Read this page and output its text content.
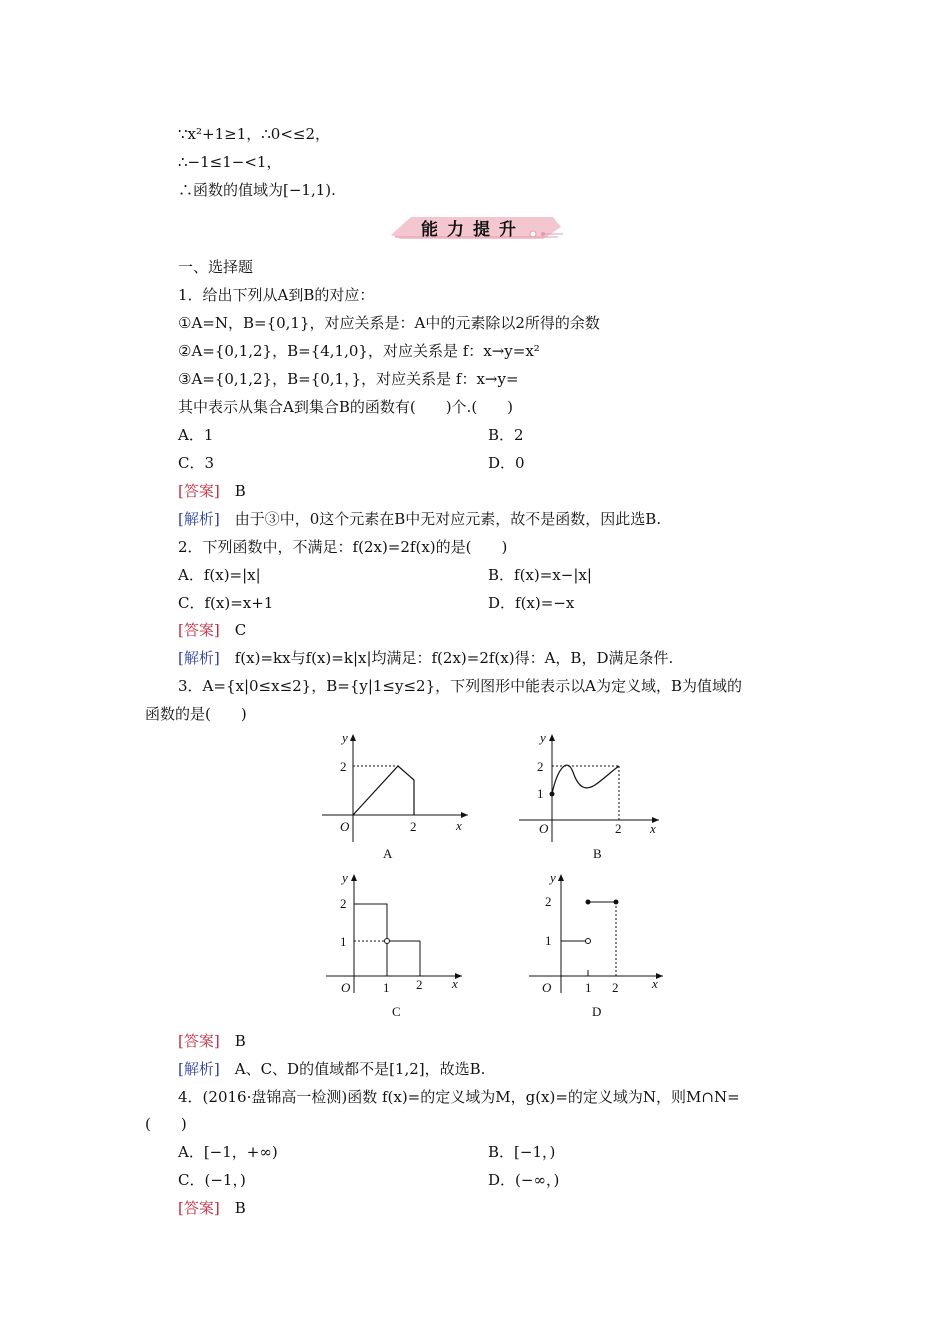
∵x²+1≥1，∴0<≤2，
∴−1≤1−<1，
∴函数的值域为[−1,1).
能力提升
一、选择题
1．给出下列从A到B的对应：
①A=N，B={0,1}，对应关系是：A中的元素除以2所得的余数
②A={0,1,2}，B={4,1,0}，对应关系是 f：x→y=x²
③A={0,1,2}，B={0,1，}，对应关系是 f：x→y=
其中表示从集合A到集合B的函数有(　　)个.(　　)
A．1	B．2
C．3	D．0
[答案]　 B
[解析]　 由于③中，0这个元素在B中无对应元素，故不是函数，因此选B.
2．下列函数中，不满足：f(2x)=2f(x)的是(　　)
A．f(x)=|x|	B．f(x)=x−|x|
C．f(x)=x+1	D．f(x)=−x
[答案]　 C
[解析]　 f(x)=kx与f(x)=k|x|均满足：f(2x)=2f(x)得：A，B，D满足条件.
3．A={x|0≤x≤2}，B={y|1≤y≤2}，下列图形中能表示以A为定义域，B为值域的
函数的是(　　)
y
2
O	2	x
A
y
2
1
O	2 x
B
y
2
1
O	1 2 x
C
y
2
1
O	1 2	x
D
[答案]　 B
[解析]　 A、C、D的值域都不是[1,2]，故选B.
4．(2016·盘锦高一检测)函数 f(x)=的定义域为M，g(x)=的定义域为N，则M∩N=
(　　)
A．[−1，+∞)	B．[−1，)
C．(−1，)	D．(−∞，)
[答案]　 B
